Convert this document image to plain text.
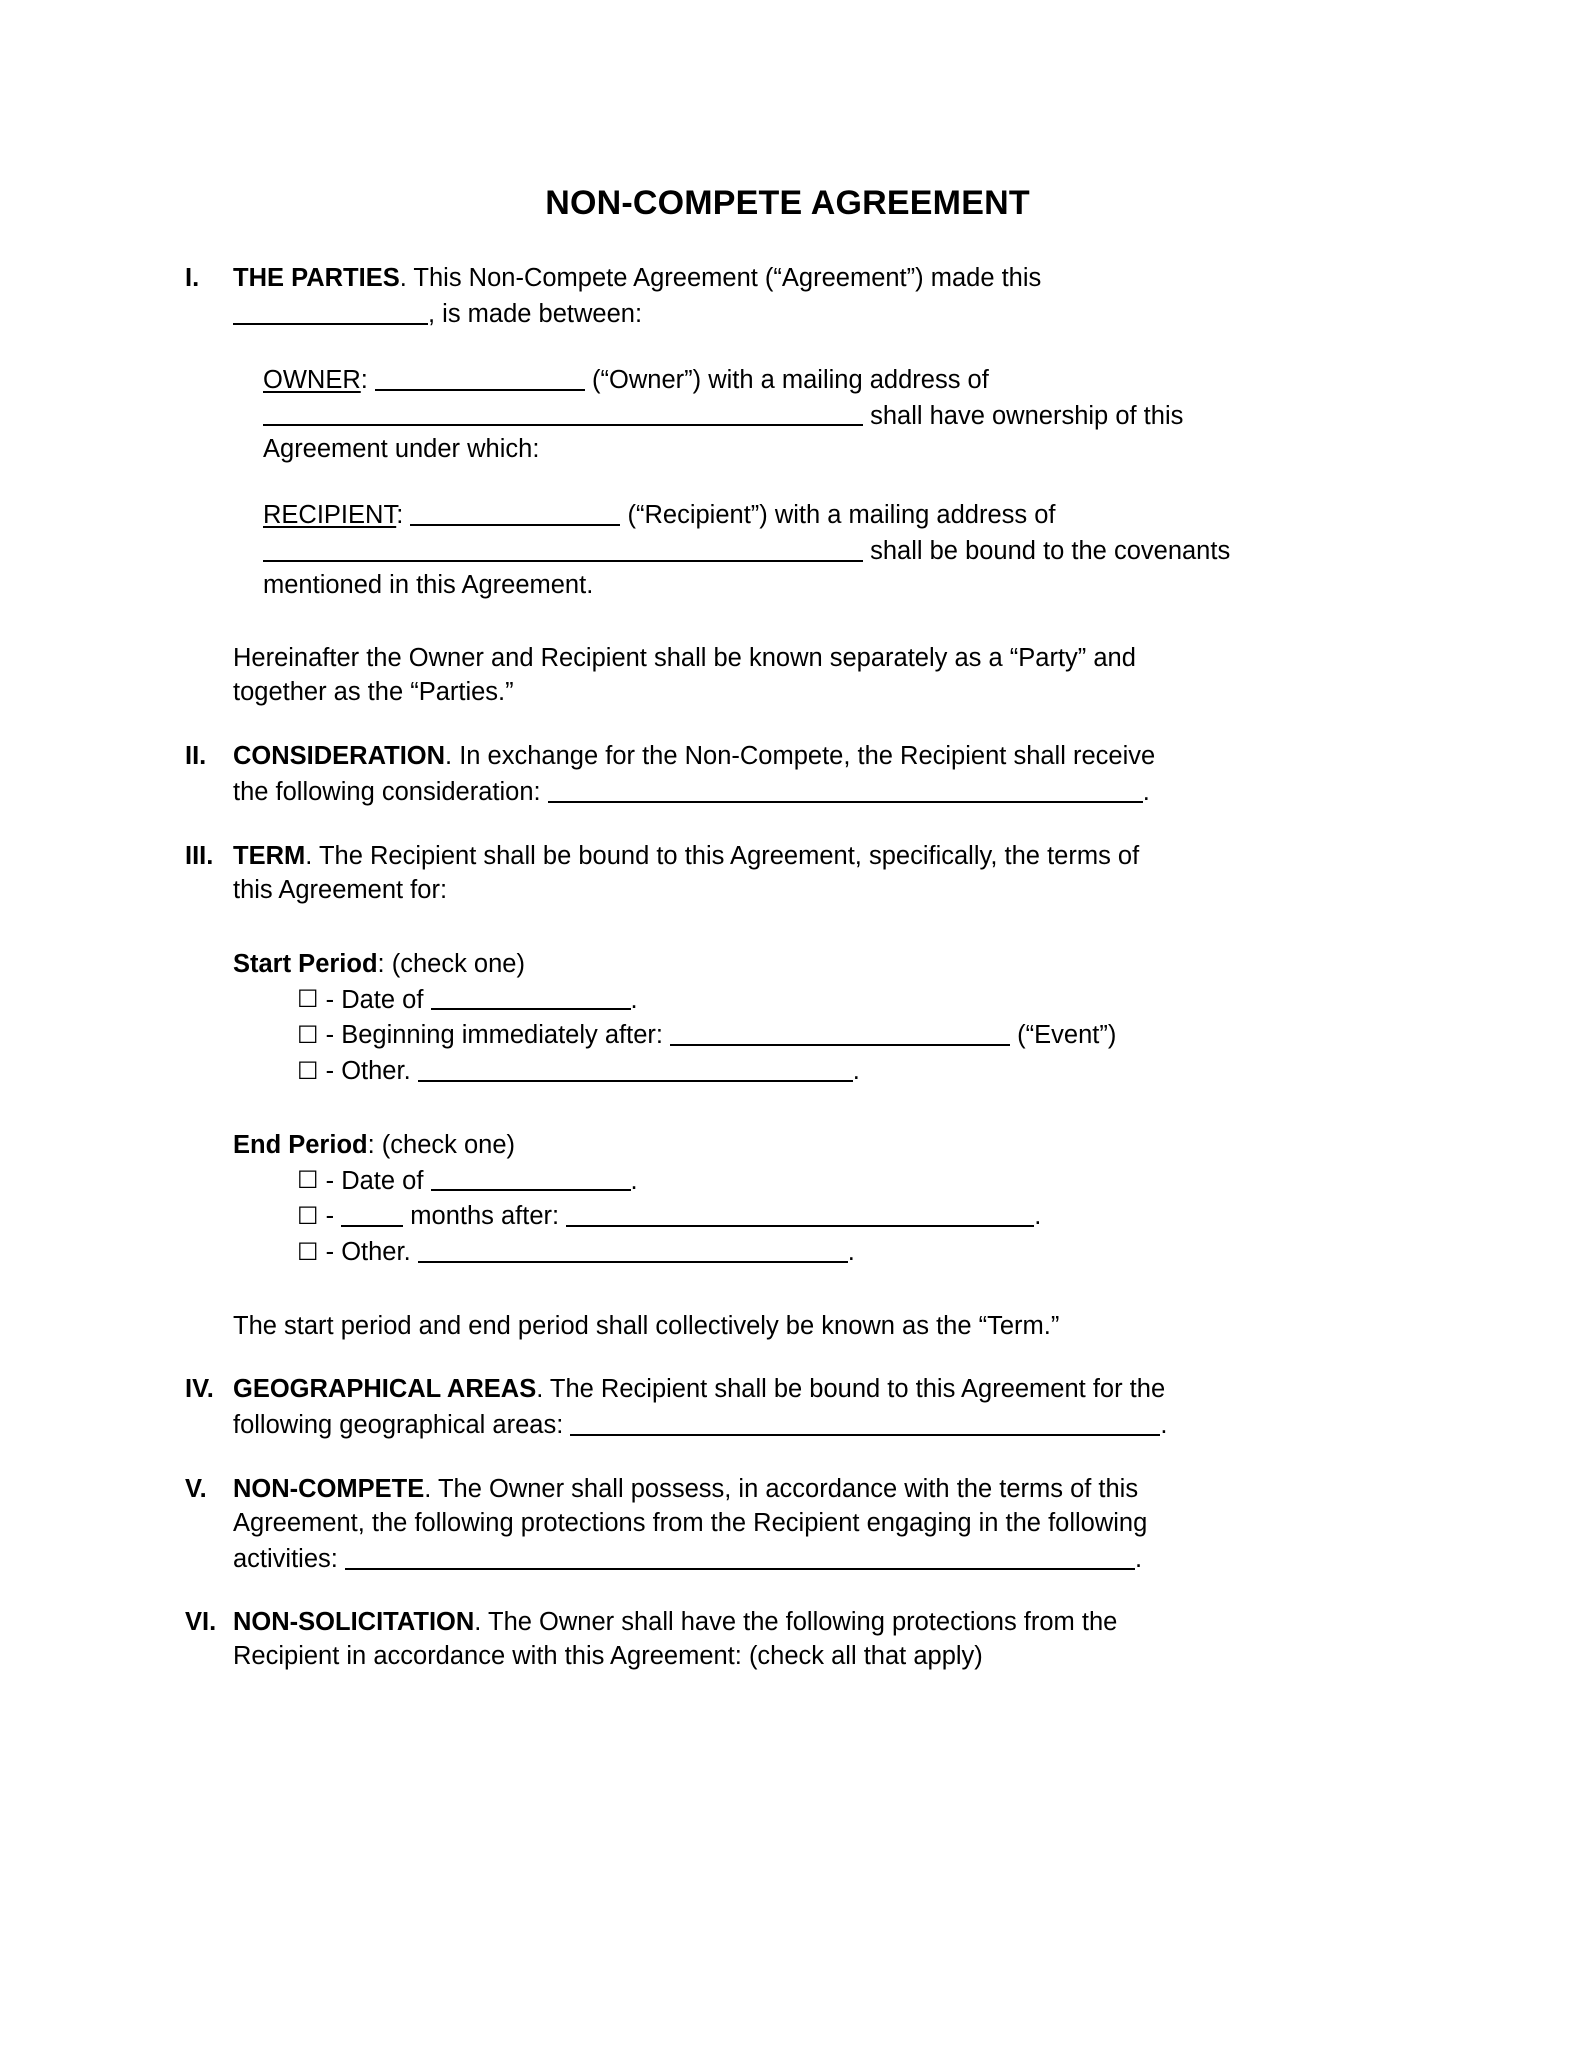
NON-COMPETE AGREEMENT
I.	THE PARTIES. This Non-Compete Agreement (“Agreement”) made this
, is made between:
OWNER:	(“Owner”) with a mailing address of
shall have ownership of this
Agreement under which:
RECIPIENT:	(“Recipient”) with a mailing address of
shall be bound to the covenants
mentioned in this Agreement.
Hereinafter the Owner and Recipient shall be known separately as a “Party” and
together as the “Parties.”
II.	CONSIDERATION. In exchange for the Non-Compete, the Recipient shall receive
the following consideration:	.
III. TERM. The Recipient shall be bound to this Agreement, specifically, the terms of
this Agreement for:
Start Period: (check one)
☐ - Date of	.
☐ - Beginning immediately after:	(“Event”)
☐ - Other.	.
End Period: (check one)
☐ - Date of	.
☐ -	months after:	.
☐ - Other.	.
The start period and end period shall collectively be known as the “Term.”
IV. GEOGRAPHICAL AREAS. The Recipient shall be bound to this Agreement for the
following geographical areas:	.
V.	NON-COMPETE. The Owner shall possess, in accordance with the terms of this
Agreement, the following protections from the Recipient engaging in the following
activities:	.
VI. NON-SOLICITATION. The Owner shall have the following protections from the
Recipient in accordance with this Agreement: (check all that apply)
